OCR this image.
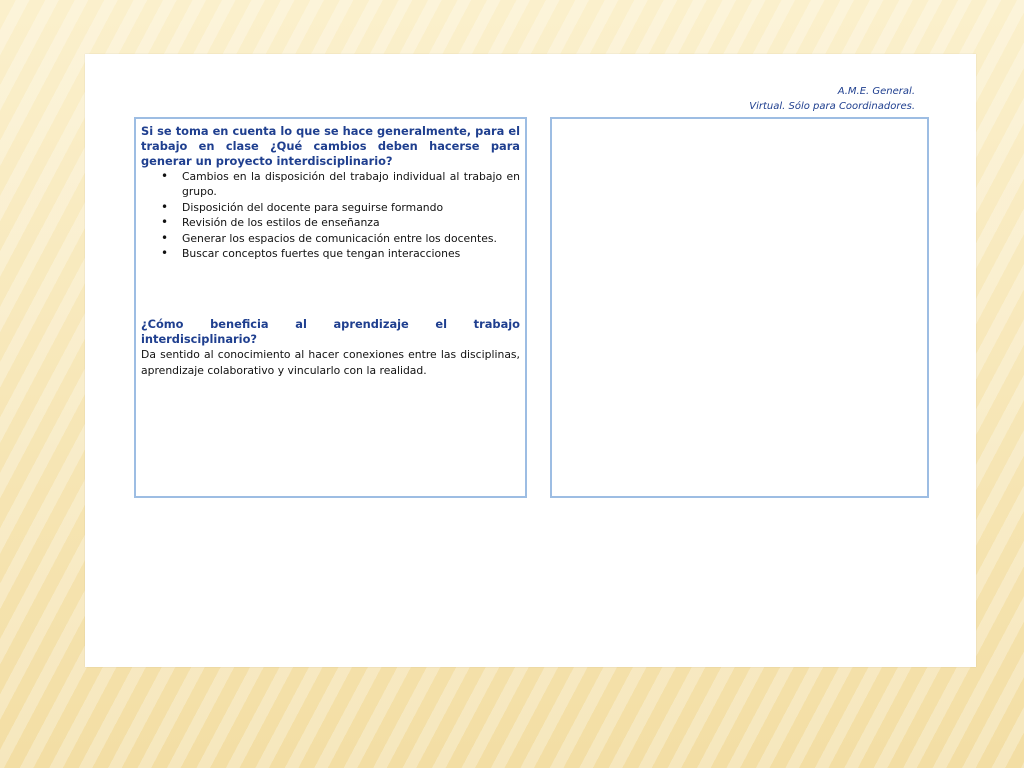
A.M.E. General.
Virtual. Sólo para Coordinadores.

Si se toma en cuenta lo que se hace generalmente, para el trabajo en clase ¿Qué cambios deben hacerse para generar un proyecto interdisciplinario?

• Cambios en la disposición del trabajo individual al trabajo en grupo.
• Disposición del docente para seguirse formando
• Revisión de los estilos de enseñanza
• Generar los espacios de comunicación entre los docentes.
• Buscar conceptos fuertes que tengan interacciones

¿Cómo beneficia al aprendizaje el trabajo interdisciplinario?

Da sentido al conocimiento al hacer conexiones entre las disciplinas, aprendizaje colaborativo y vincularlo con la realidad.
